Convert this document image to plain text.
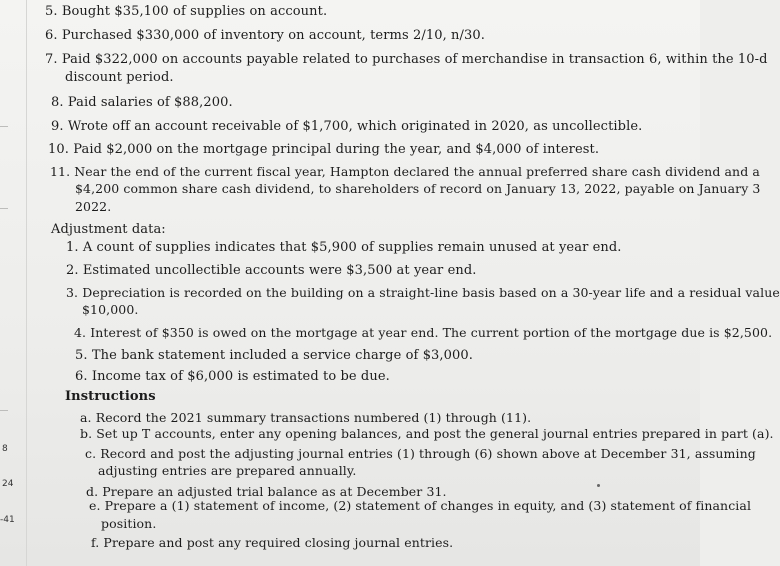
8
24
-41
5. Bought $35,100 of supplies on account.
6. Purchased $330,000 of inventory on account, terms 2/10, n/30.
7. Paid $322,000 on accounts payable related to purchases of merchandise in transaction 6, within the 10-d
discount period.
8. Paid salaries of $88,200.
9. Wrote off an account receivable of $1,700, which originated in 2020, as uncollectible.
10. Paid $2,000 on the mortgage principal during the year, and $4,000 of interest.
11. Near the end of the current fiscal year, Hampton declared the annual preferred share cash dividend and a
$4,200 common share cash dividend, to shareholders of record on January 13, 2022, payable on January 3
2022.
Adjustment data:
1. A count of supplies indicates that $5,900 of supplies remain unused at year end.
2. Estimated uncollectible accounts were $3,500 at year end.
3. Depreciation is recorded on the building on a straight-line basis based on a 30-year life and a residual value
$10,000.
4. Interest of $350 is owed on the mortgage at year end. The current portion of the mortgage due is $2,500.
5. The bank statement included a service charge of $3,000.
6. Income tax of $6,000 is estimated to be due.
Instructions
a. Record the 2021 summary transactions numbered (1) through (11).
b. Set up T accounts, enter any opening balances, and post the general journal entries prepared in part (a).
c. Record and post the adjusting journal entries (1) through (6) shown above at December 31, assuming
adjusting entries are prepared annually.
d. Prepare an adjusted trial balance as at December 31.
e. Prepare a (1) statement of income, (2) statement of changes in equity, and (3) statement of financial
position.
f. Prepare and post any required closing journal entries.
